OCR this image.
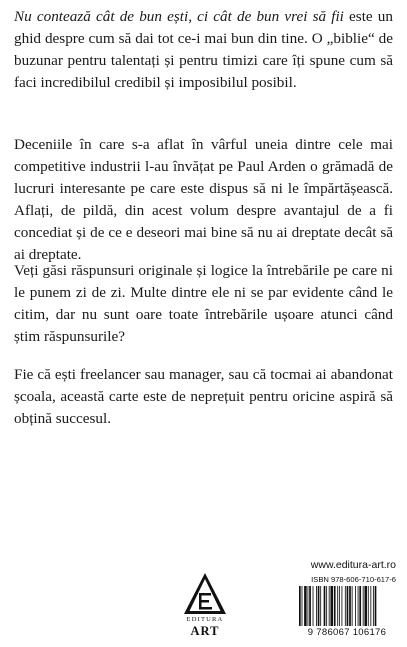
Nu contează cât de bun ești, ci cât de bun vrei să fii este un ghid despre cum să dai tot ce-i mai bun din tine. O „biblie“ de buzunar pentru talentați și pentru timizi care îți spune cum să faci incredibilul credibil și imposibilul posibil.

Deceniile în care s-a aflat în vârful uneia dintre cele mai competitive industrii l-au învățat pe Paul Arden o grămadă de lucruri interesante pe care este dispus să ni le împărtășească. Aflați, de pildă, din acest volum despre avantajul de a fi concediat și de ce e deseori mai bine să nu ai dreptate decât să ai dreptate.

Veți găsi răspunsuri originale și logice la întrebările pe care ni le punem zi de zi. Multe dintre ele ni se par evidente când le citim, dar nu sunt oare toate întrebările ușoare atunci când știm răspunsurile?

Fie că ești freelancer sau manager, sau că tocmai ai abandonat școala, această carte este de neprețuit pentru oricine aspiră să obțină succesul.

EDITURA

ART

www.editura-art.ro

ISBN 978-606-710-617-6

9 786067 106176
